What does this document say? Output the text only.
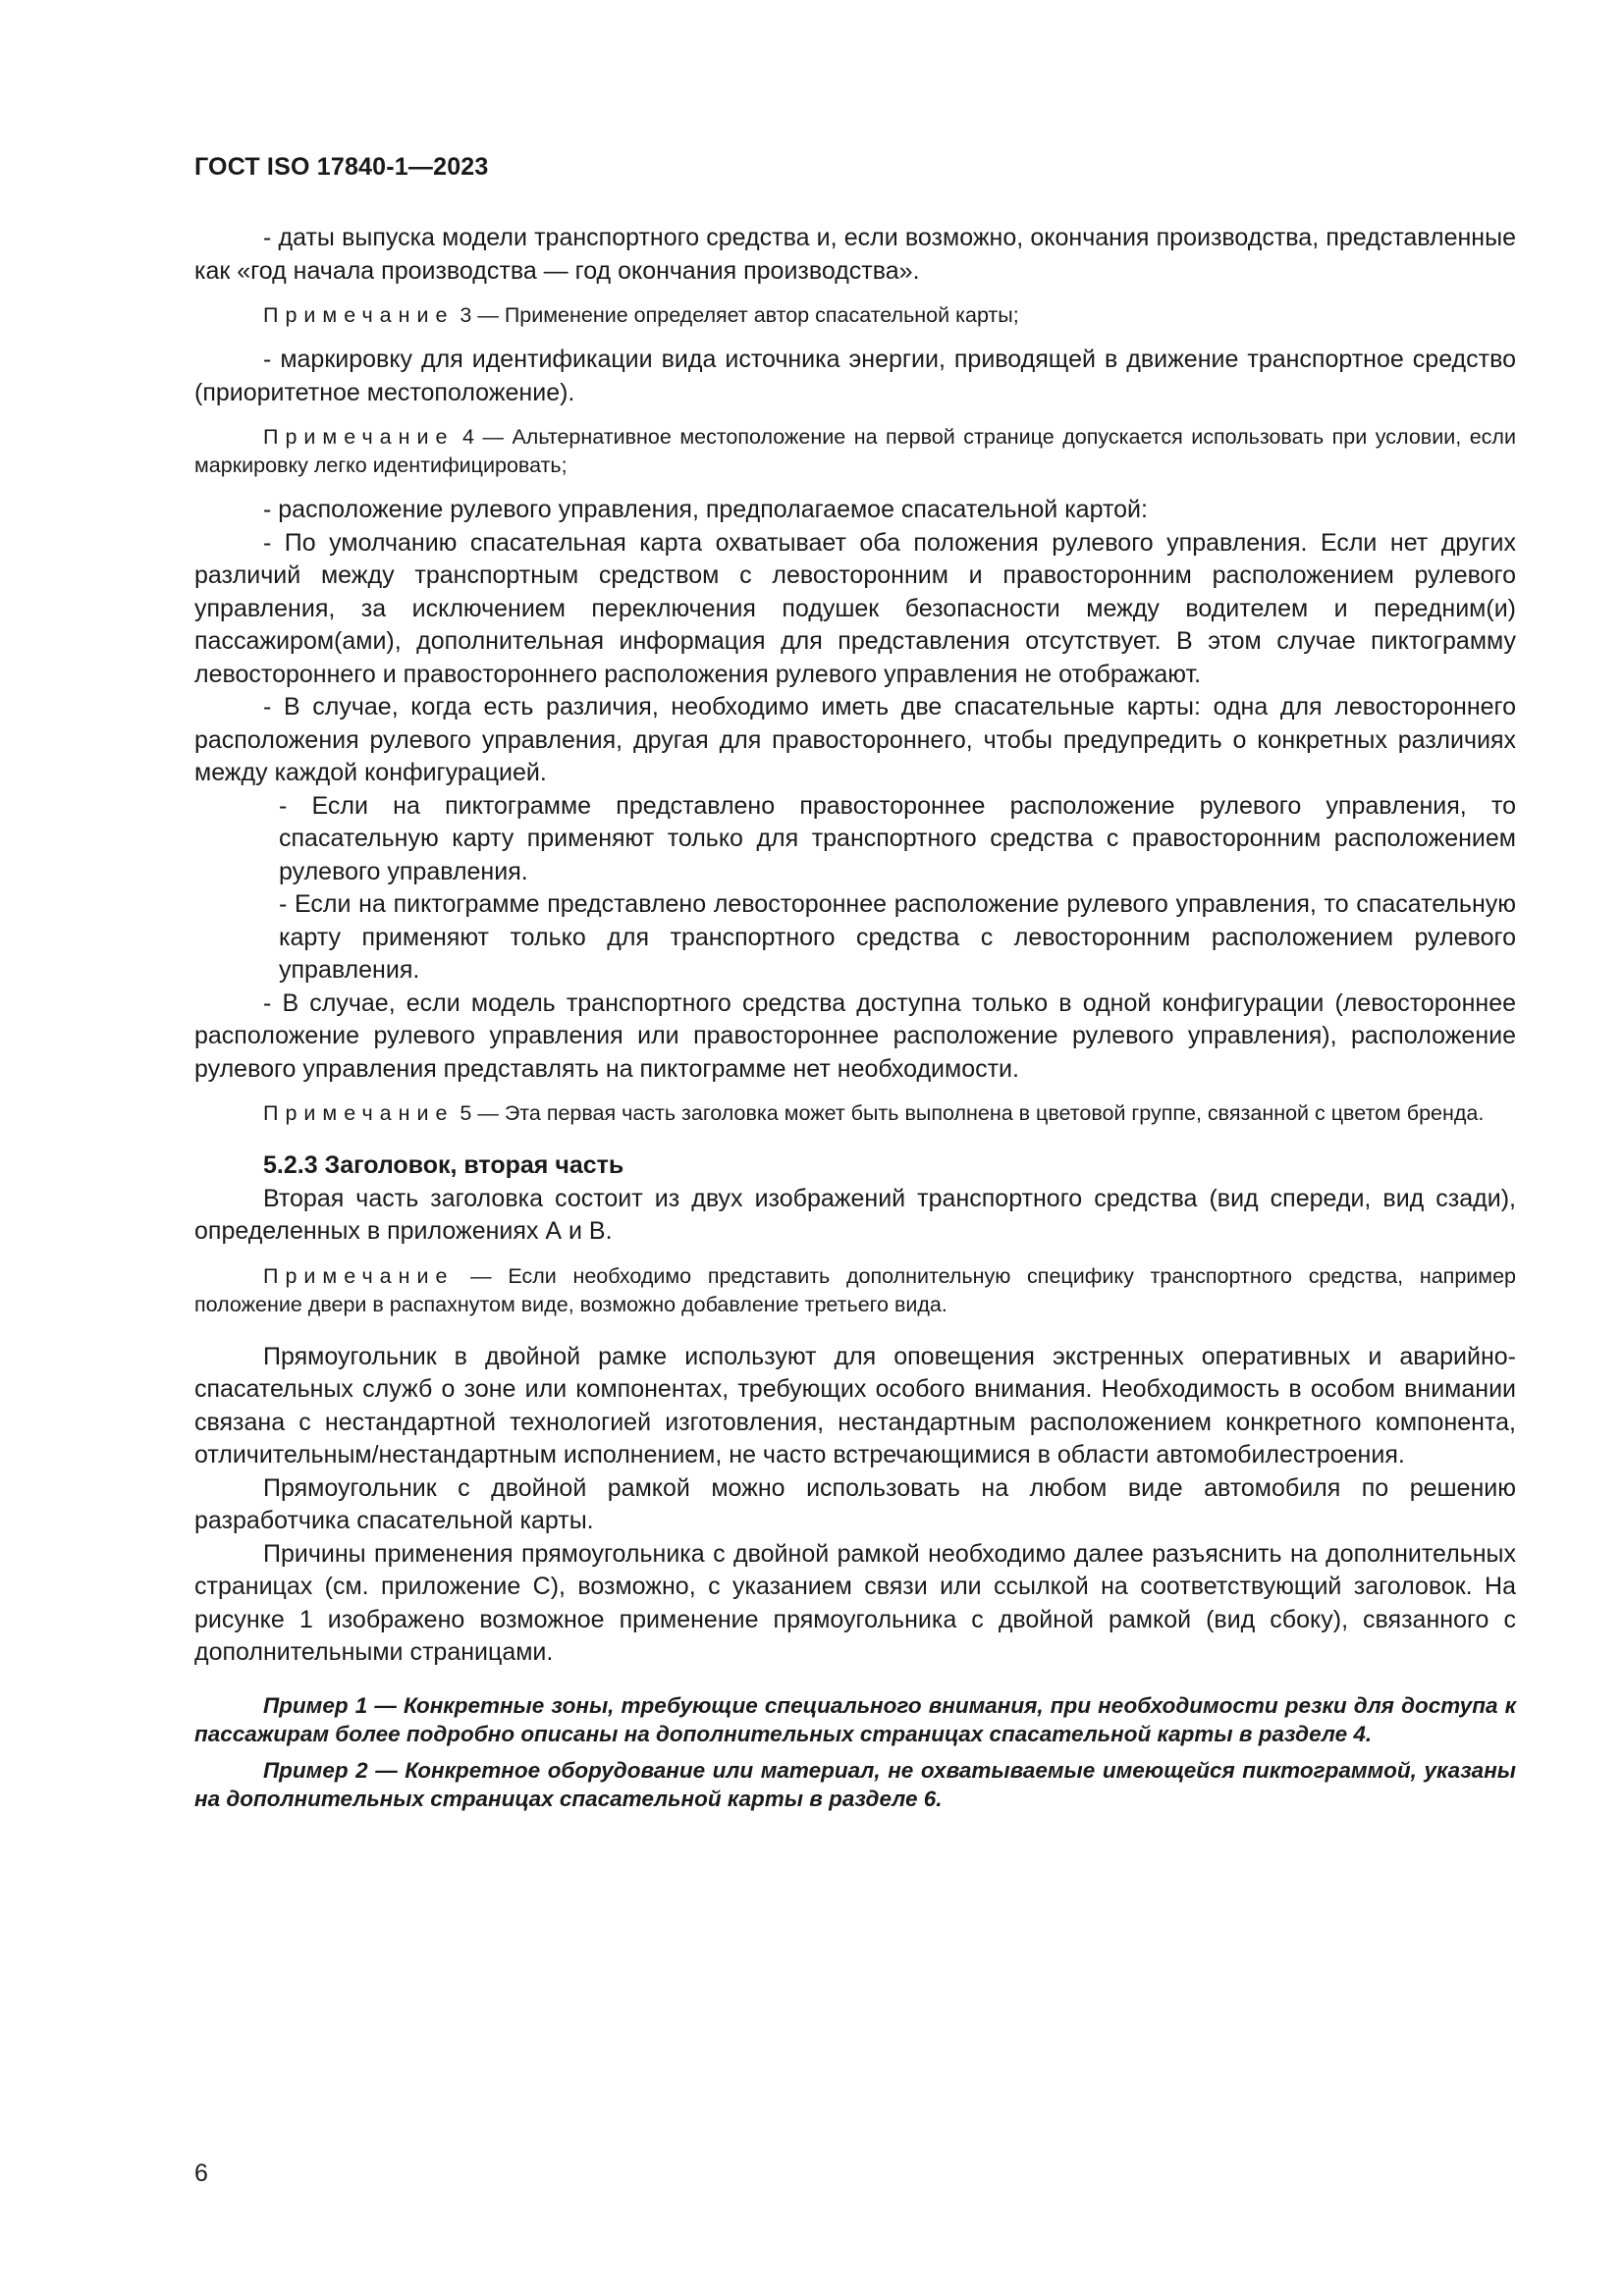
ГОСТ ISO 17840-1—2023

- даты выпуска модели транспортного средства и, если возможно, окончания производства, представленные как «год начала производства — год окончания производства».

Примечание 3 — Применение определяет автор спасательной карты;

- маркировку для идентификации вида источника энергии, приводящей в движение транспортное средство (приоритетное местоположение).

Примечание 4 — Альтернативное местоположение на первой странице допускается использовать при условии, если маркировку легко идентифицировать;

- расположение рулевого управления, предполагаемое спасательной картой:

- По умолчанию спасательная карта охватывает оба положения рулевого управления. Если нет других различий между транспортным средством с левосторонним и правосторонним расположением рулевого управления, за исключением переключения подушек безопасности между водителем и передним(и) пассажиром(ами), дополнительная информация для представления отсутствует. В этом случае пиктограмму левостороннего и правостороннего расположения рулевого управления не отображают.

- В случае, когда есть различия, необходимо иметь две спасательные карты: одна для левостороннего расположения рулевого управления, другая для правостороннего, чтобы предупредить о конкретных различиях между каждой конфигурацией.

- Если на пиктограмме представлено правостороннее расположение рулевого управления, то спасательную карту применяют только для транспортного средства с правосторонним расположением рулевого управления.

- Если на пиктограмме представлено левостороннее расположение рулевого управления, то спасательную карту применяют только для транспортного средства с левосторонним расположением рулевого управления.

- В случае, если модель транспортного средства доступна только в одной конфигурации (левостороннее расположение рулевого управления или правостороннее расположение рулевого управления), расположение рулевого управления представлять на пиктограмме нет необходимости.

Примечание 5 — Эта первая часть заголовка может быть выполнена в цветовой группе, связанной с цветом бренда.

5.2.3 Заголовок, вторая часть

Вторая часть заголовка состоит из двух изображений транспортного средства (вид спереди, вид сзади), определенных в приложениях А и В.

Примечание — Если необходимо представить дополнительную специфику транспортного средства, например положение двери в распахнутом виде, возможно добавление третьего вида.

Прямоугольник в двойной рамке используют для оповещения экстренных оперативных и аварийно-спасательных служб о зоне или компонентах, требующих особого внимания. Необходимость в особом внимании связана с нестандартной технологией изготовления, нестандартным расположением конкретного компонента, отличительным/нестандартным исполнением, не часто встречающимися в области автомобилестроения.

Прямоугольник с двойной рамкой можно использовать на любом виде автомобиля по решению разработчика спасательной карты.

Причины применения прямоугольника с двойной рамкой необходимо далее разъяснить на дополнительных страницах (см. приложение С), возможно, с указанием связи или ссылкой на соответствующий заголовок. На рисунке 1 изображено возможное применение прямоугольника с двойной рамкой (вид сбоку), связанного с дополнительными страницами.

Пример 1 — Конкретные зоны, требующие специального внимания, при необходимости резки для доступа к пассажирам более подробно описаны на дополнительных страницах спасательной карты в разделе 4.

Пример 2 — Конкретное оборудование или материал, не охватываемые имеющейся пиктограммой, указаны на дополнительных страницах спасательной карты в разделе 6.

6
